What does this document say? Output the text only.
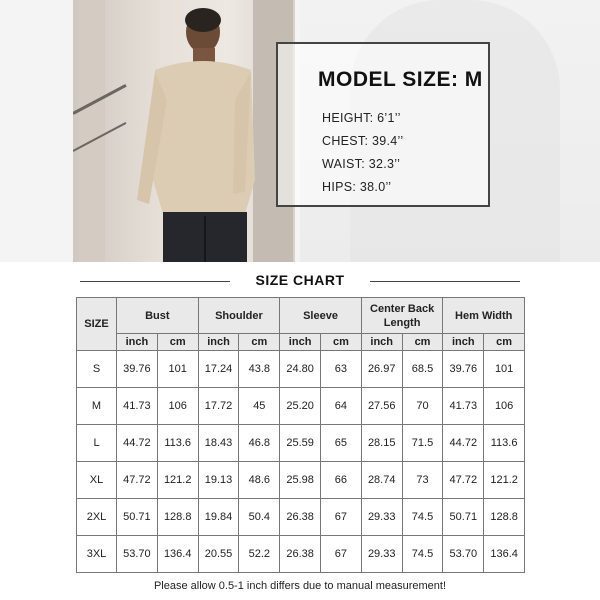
MODEL SIZE: M
HEIGHT: 6’1’’
CHEST: 39.4’’
WAIST: 32.3’’
HIPS: 38.0’’
SIZE CHART
SIZE	Bust		Shoulder		Sleeve		Center Back Length		Hem Width	
	inch	cm	inch	cm	inch	cm	inch	cm	inch	cm
S	39.76	101	17.24	43.8	24.80	63	26.97	68.5	39.76	101
M	41.73	106	17.72	45	25.20	64	27.56	70	41.73	106
L	44.72	113.6	18.43	46.8	25.59	65	28.15	71.5	44.72	113.6
XL	47.72	121.2	19.13	48.6	25.98	66	28.74	73	47.72	121.2
2XL	50.71	128.8	19.84	50.4	26.38	67	29.33	74.5	50.71	128.8
3XL	53.70	136.4	20.55	52.2	26.38	67	29.33	74.5	53.70	136.4
Please allow 0.5-1 inch differs due to manual measurement!
